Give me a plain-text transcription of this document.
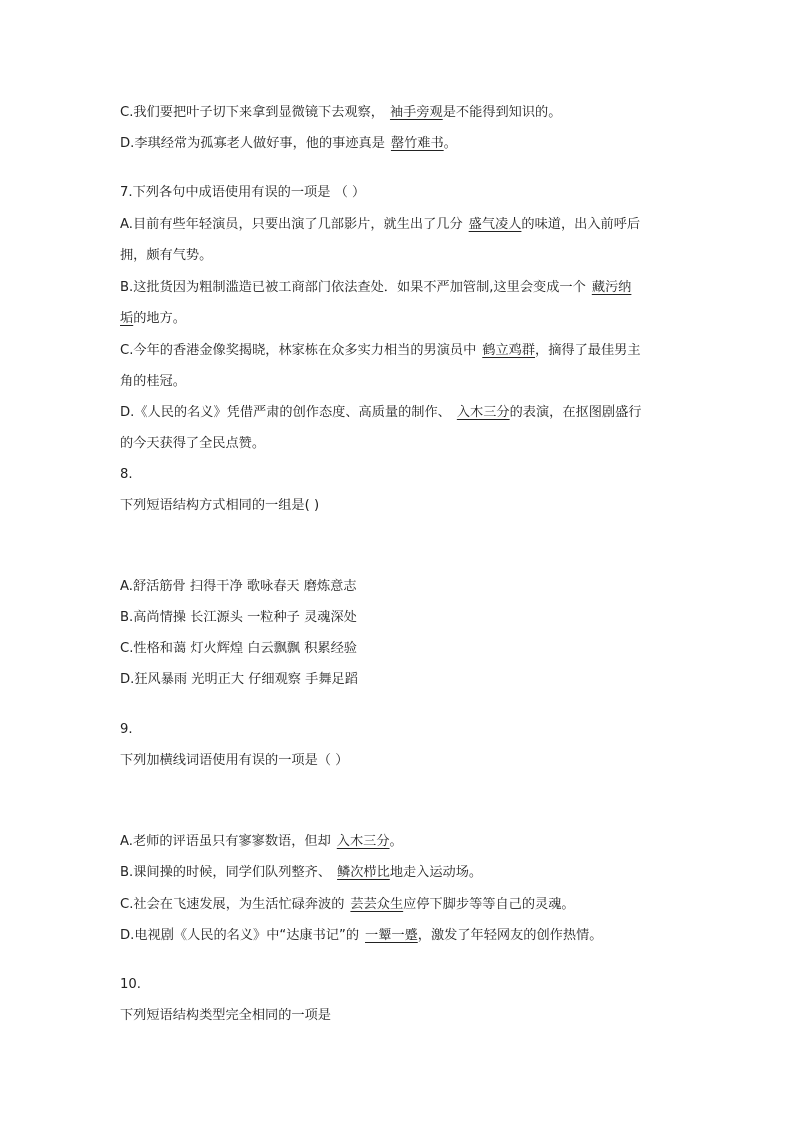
C.我们要把叶子切下来拿到显微镜下去观察， 袖手旁观是不能得到知识的。
D.李琪经常为孤寡老人做好事，他的事迹真是 罄竹难书。
7.下列各句中成语使用有误的一项是 （ ）
A.目前有些年轻演员，只要出演了几部影片，就生出了几分 盛气凌人的味道，出入前呼后
拥，颇有气势。
B.这批货因为粗制滥造已被工商部门依法查处．如果不严加管制,这里会变成一个 藏污纳
垢的地方。
C.今年的香港金像奖揭晓，林家栋在众多实力相当的男演员中 鹤立鸡群，摘得了最佳男主
角的桂冠。
D.《人民的名义》凭借严肃的创作态度、高质量的制作、 入木三分的表演，在抠图剧盛行
的今天获得了全民点赞。
8.
下列短语结构方式相同的一组是( )
A.舒活筋骨 扫得干净 歌咏春天 磨炼意志
B.高尚情操 长江源头 一粒种子 灵魂深处
C.性格和蔼 灯火辉煌 白云飘飘 积累经验
D.狂风暴雨 光明正大 仔细观察 手舞足蹈
9.
下列加横线词语使用有误的一项是（ ）
A.老师的评语虽只有寥寥数语，但却 入木三分。
B.课间操的时候，同学们队列整齐、 鳞次栉比地走入运动场。
C.社会在飞速发展，为生活忙碌奔波的 芸芸众生应停下脚步等等自己的灵魂。
D.电视剧《人民的名义》中“达康书记”的 一颦一蹙，激发了年轻网友的创作热情。
10.
下列短语结构类型完全相同的一项是
